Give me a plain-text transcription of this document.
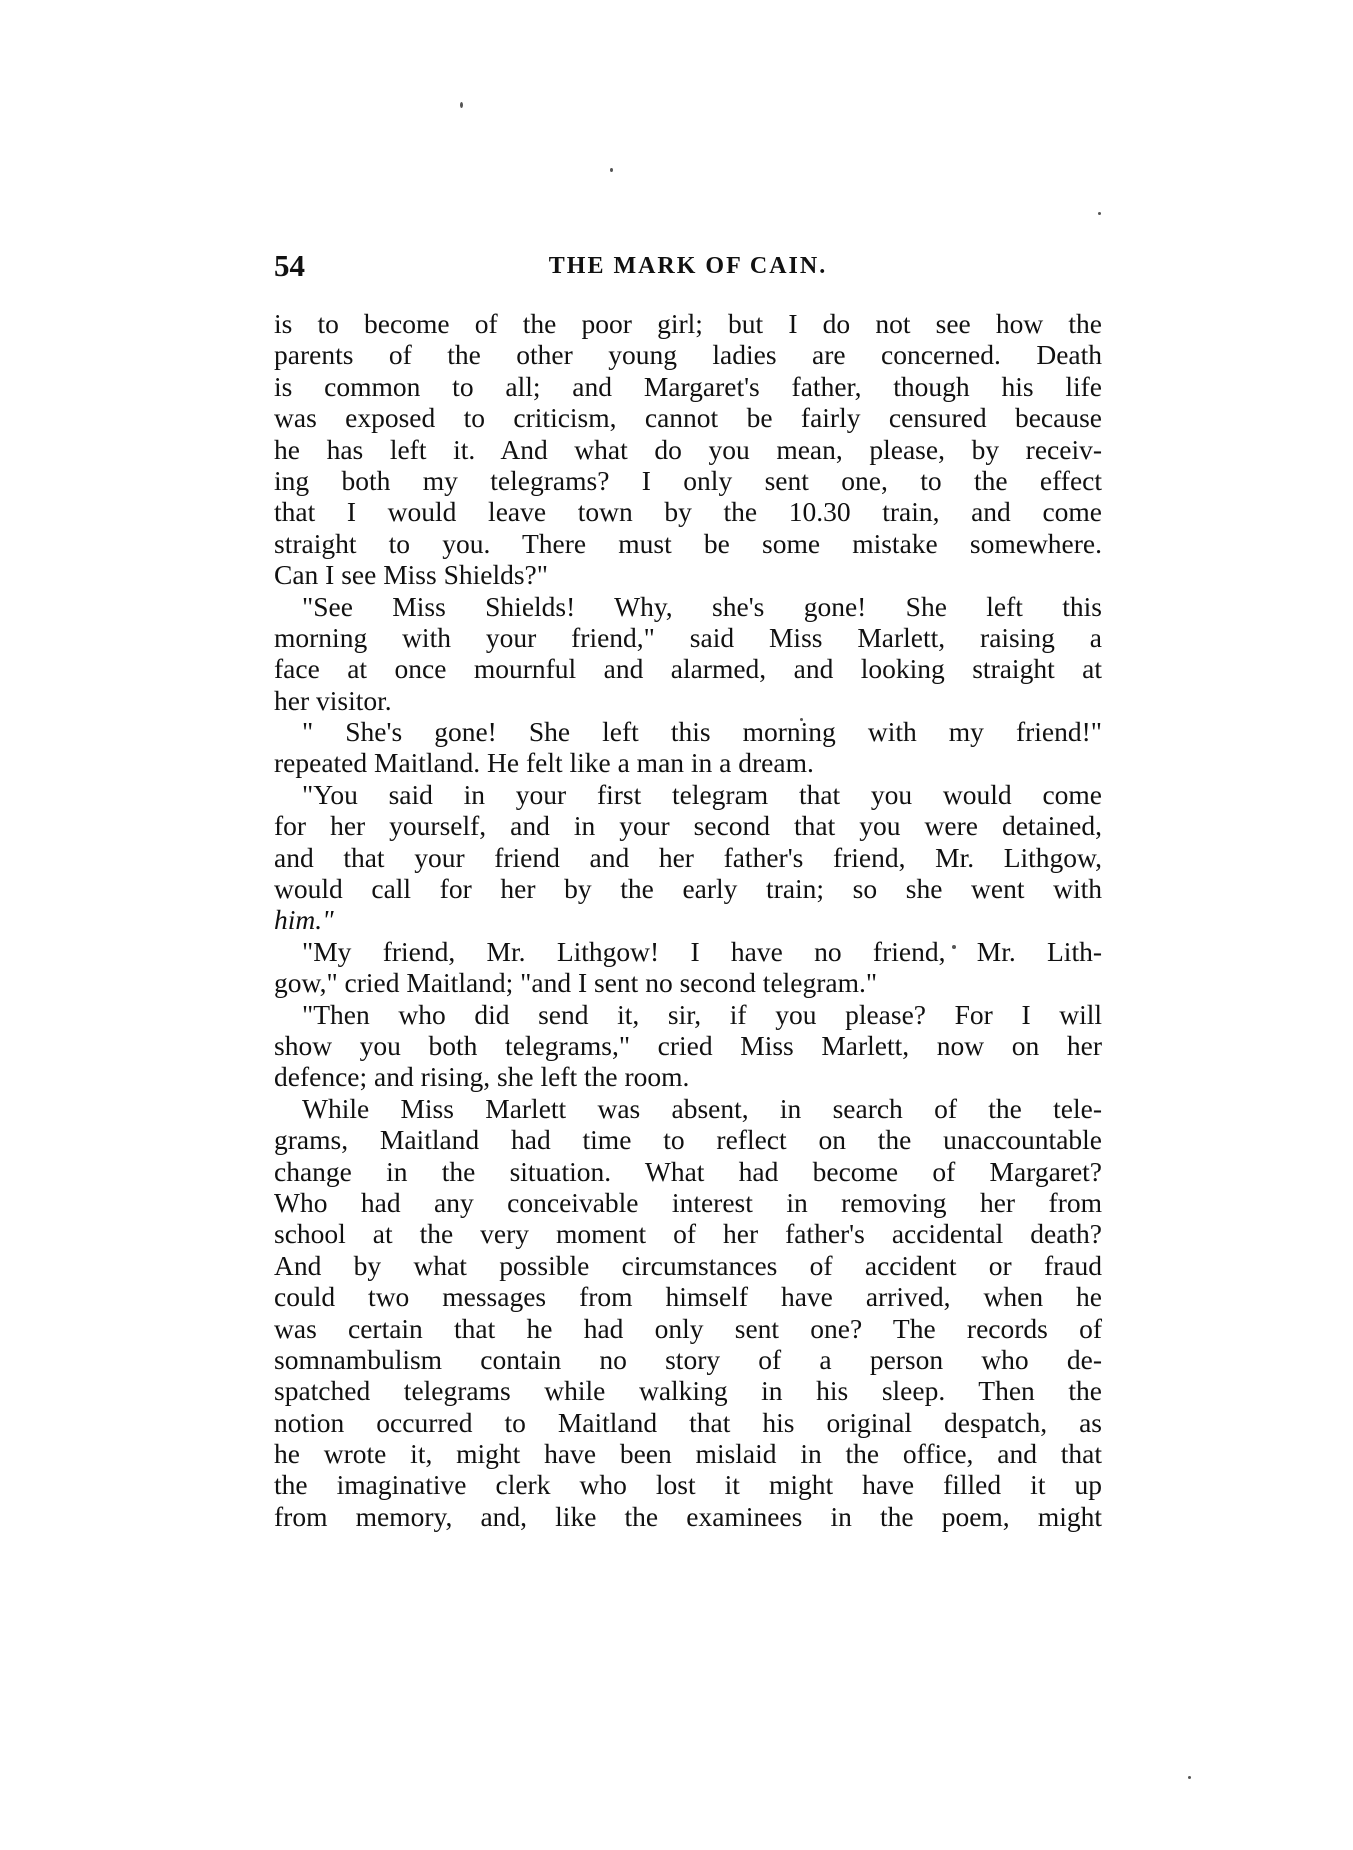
54	THE MARK OF CAIN.
is to become of the poor girl; but I do not see how the
parents of the other young ladies are concerned. Death
is common to all; and Margaret's father, though his life
was exposed to criticism, cannot be fairly censured because
he has left it. And what do you mean, please, by receiv-
ing both my telegrams? I only sent one, to the effect
that I would leave town by the 10.30 train, and come
straight to you. There must be some mistake somewhere.
Can I see Miss Shields?"
"See Miss Shields! Why, she's gone! She left this
morning with your friend," said Miss Marlett, raising a
face at once mournful and alarmed, and looking straight at
her visitor.
" She's gone! She left this morning with my friend!"
repeated Maitland. He felt like a man in a dream.
"You said in your first telegram that you would come
for her yourself, and in your second that you were detained,
and that your friend and her father's friend, Mr. Lithgow,
would call for her by the early train; so she went with
him."
"My friend, Mr. Lithgow! I have no friend, Mr. Lith-
gow," cried Maitland; "and I sent no second telegram."
"Then who did send it, sir, if you please? For I will
show you both telegrams," cried Miss Marlett, now on her
defence; and rising, she left the room.
While Miss Marlett was absent, in search of the tele-
grams, Maitland had time to reflect on the unaccountable
change in the situation. What had become of Margaret?
Who had any conceivable interest in removing her from
school at the very moment of her father's accidental death?
And by what possible circumstances of accident or fraud
could two messages from himself have arrived, when he
was certain that he had only sent one? The records of
somnambulism contain no story of a person who de-
spatched telegrams while walking in his sleep. Then the
notion occurred to Maitland that his original despatch, as
he wrote it, might have been mislaid in the office, and that
the imaginative clerk who lost it might have filled it up
from memory, and, like the examinees in the poem, might
